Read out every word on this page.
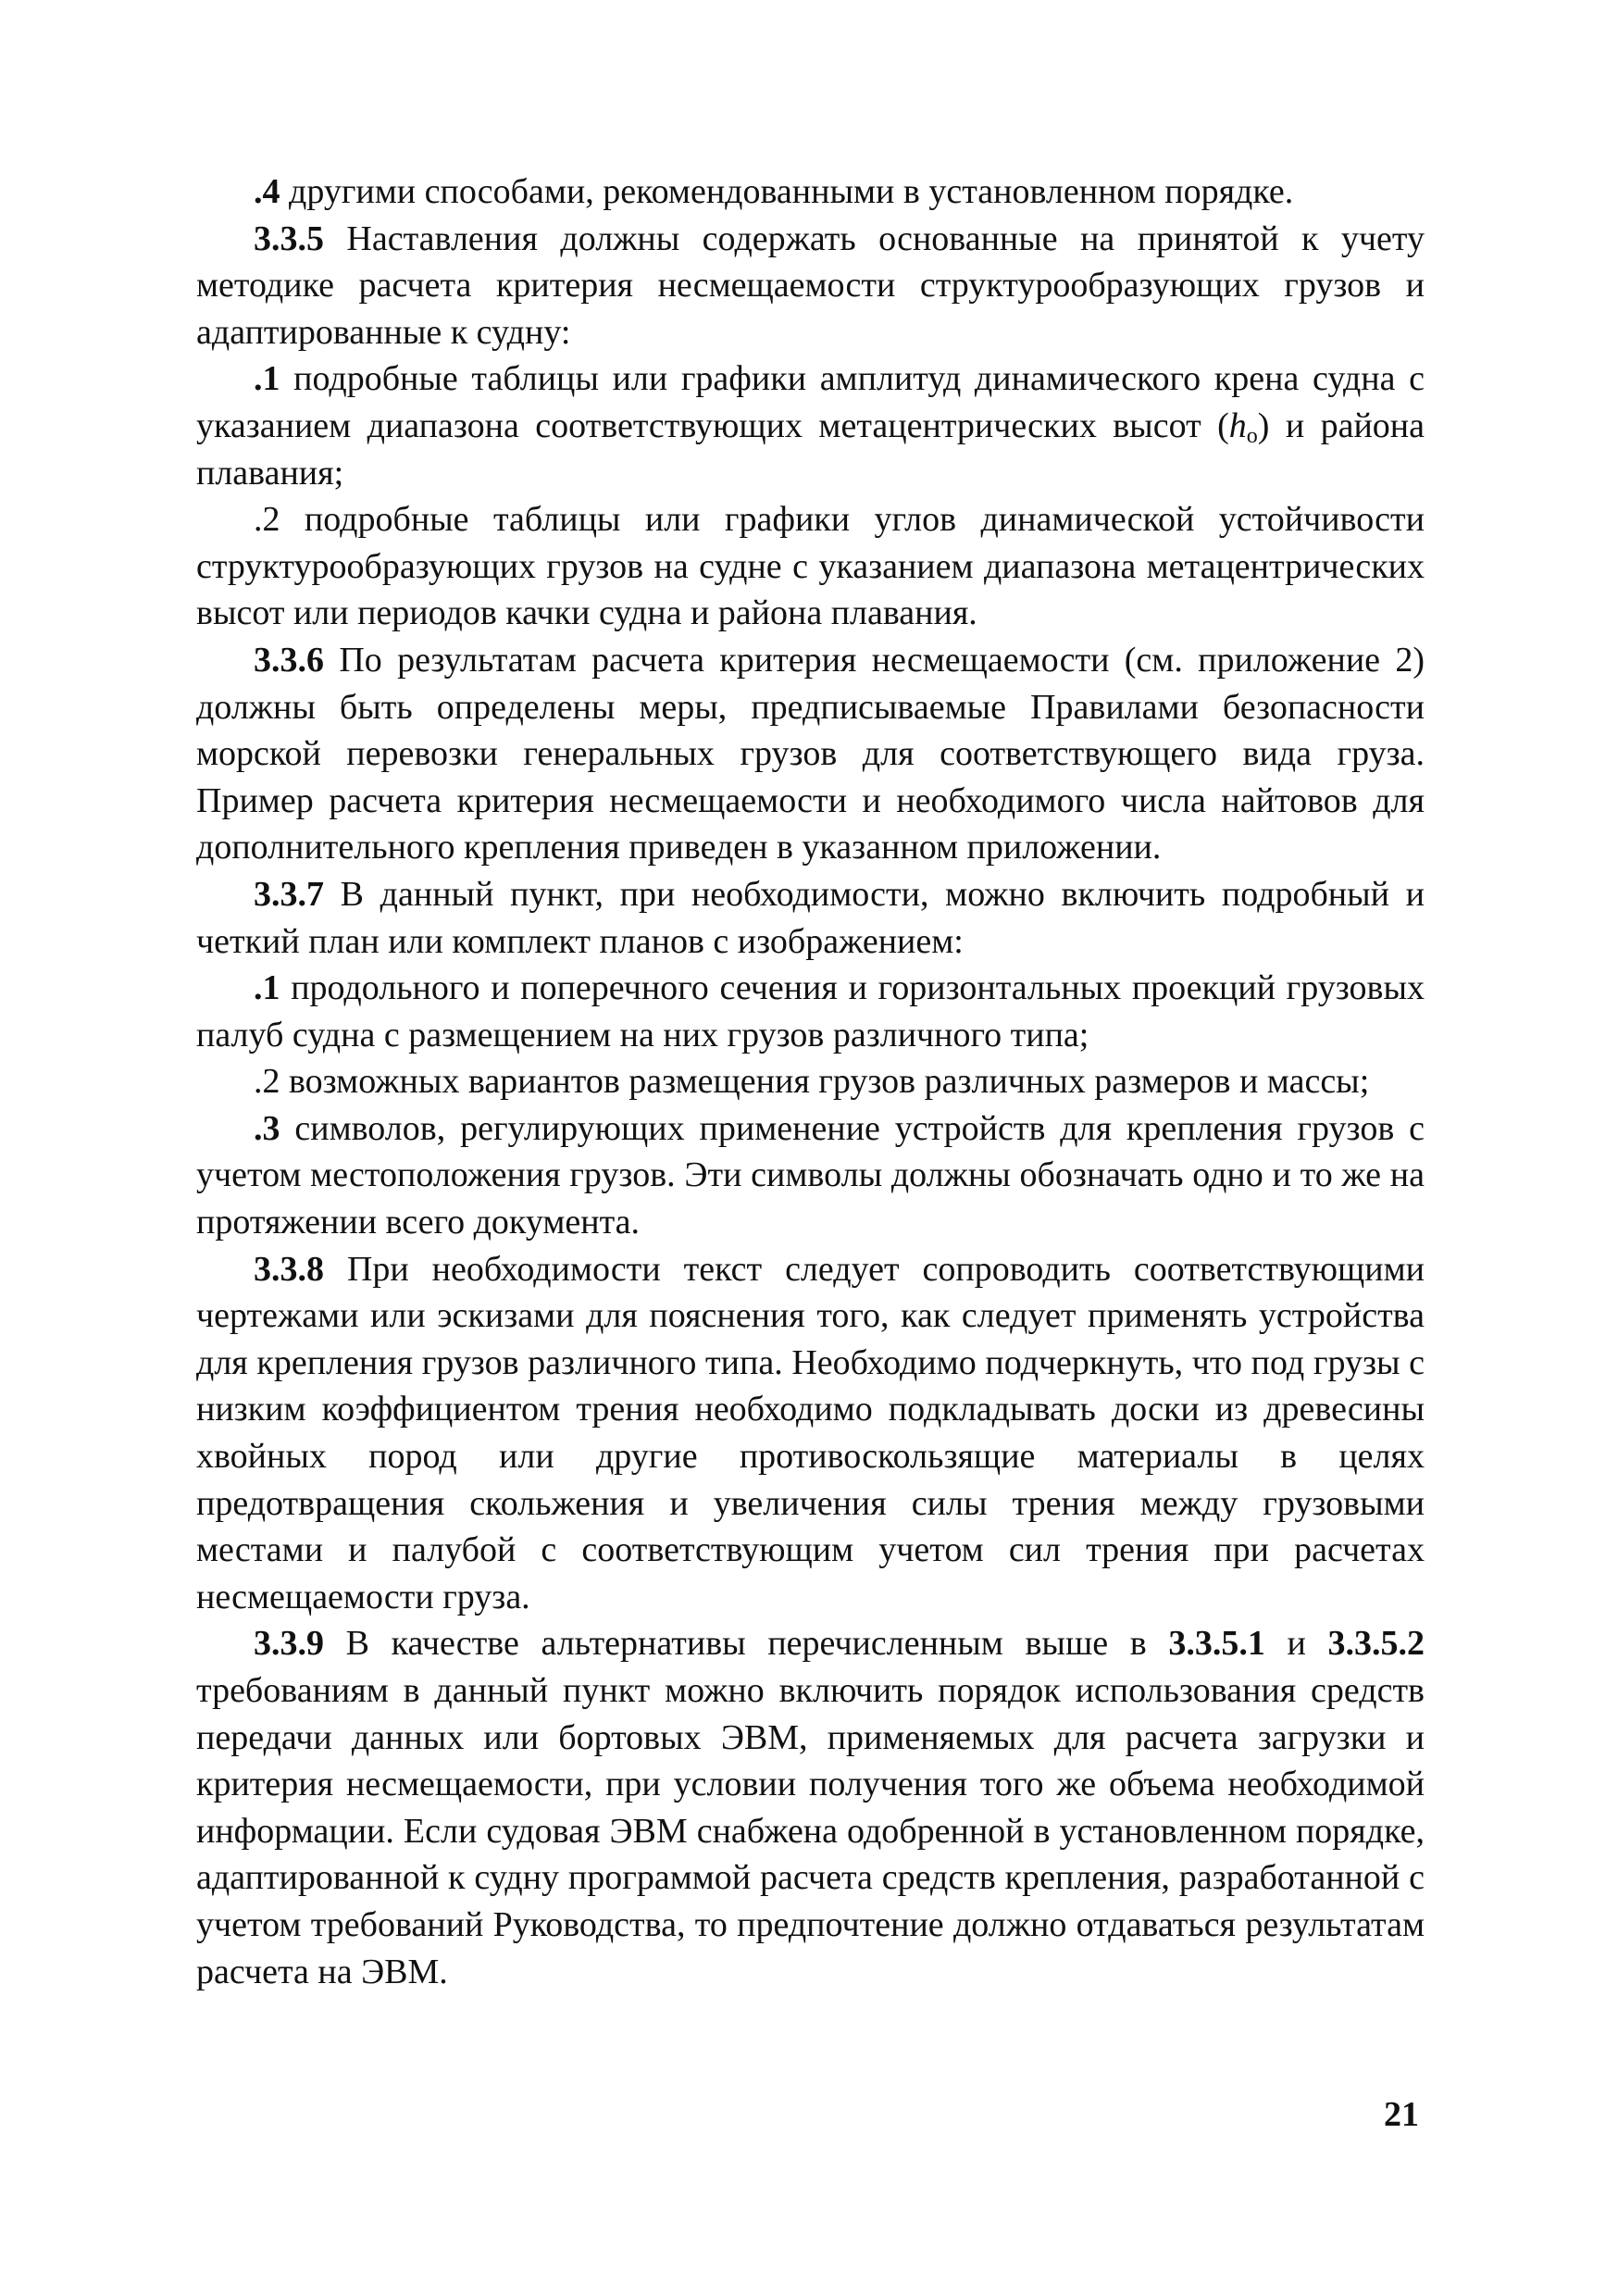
.4 другими способами, рекомендованными в установленном порядке.

3.3.5 Наставления должны содержать основанные на принятой к учету методике расчета критерия несмещаемости структурообразующих грузов и адаптированные к судну:

.1 подробные таблицы или графики амплитуд динамического крена судна с указанием диапазона соответствующих метацентрических высот $(h_о)$ и района плавания;

.2 подробные таблицы или графики углов динамической устойчивости структурообразующих грузов на судне с указанием диапазона метацентрических высот или периодов качки судна и района плавания.

3.3.6 По результатам расчета критерия несмещаемости (см. приложение 2) должны быть определены меры, предписываемые Правилами безопасности морской перевозки генеральных грузов для соответствующего вида груза. Пример расчета критерия несмещаемости и необходимого числа найтовов для дополнительного крепления приведен в указанном приложении.

3.3.7 В данный пункт, при необходимости, можно включить подробный и четкий план или комплект планов с изображением:

.1 продольного и поперечного сечения и горизонтальных проекций грузовых палуб судна с размещением на них грузов различного типа;

.2 возможных вариантов размещения грузов различных размеров и массы;

.3 символов, регулирующих применение устройств для крепления грузов с учетом местоположения грузов. Эти символы должны обозначать одно и то же на протяжении всего документа.

3.3.8 При необходимости текст следует сопроводить соответствующими чертежами или эскизами для пояснения того, как следует применять устройства для крепления грузов различного типа. Необходимо подчеркнуть, что под грузы с низким коэффициентом трения необходимо подкладывать доски из древесины хвойных пород или другие противоскользящие материалы в целях предотвращения скольжения и увеличения силы трения между грузовыми местами и палубой с соответствующим учетом сил трения при расчетах несмещаемости груза.

3.3.9 В качестве альтернативы перечисленным выше в 3.3.5.1 и 3.3.5.2 требованиям в данный пункт можно включить порядок использования средств передачи данных или бортовых ЭВМ, применяемых для расчета загрузки и критерия несмещаемости, при условии получения того же объема необходимой информации. Если судовая ЭВМ снабжена одобренной в установленном порядке, адаптированной к судну программой расчета средств крепления, разработанной с учетом требований Руководства, то предпочтение должно отдаваться результатам расчета на ЭВМ.

21
